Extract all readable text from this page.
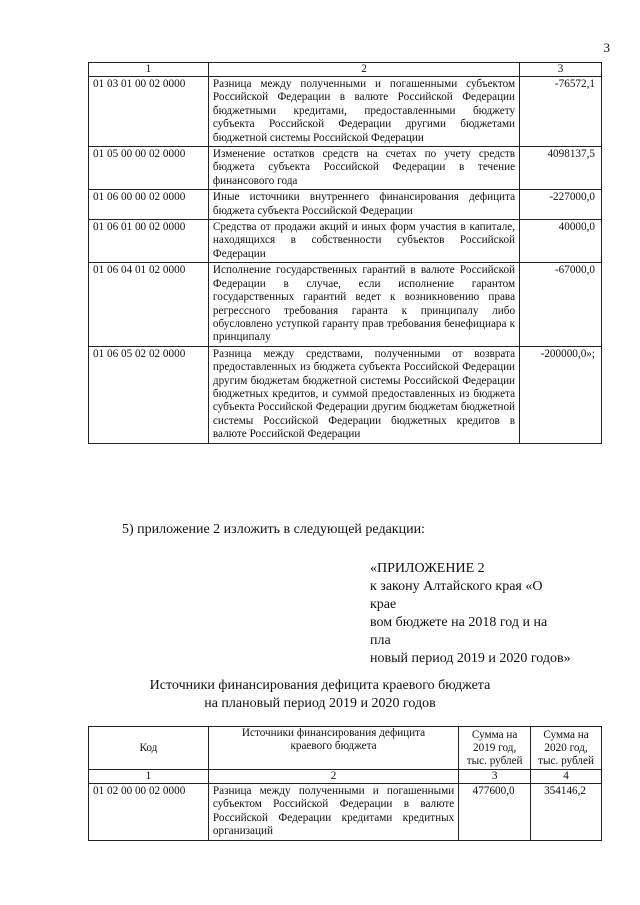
3
1	2	3
01 03 01 00 02 0000	Разница между полученными и погашенными субъектом Российской Федерации в валюте Российской Федерации бюджетными кредитами, предоставленными бюджету субъекта Российской Федерации другими бюджетами бюджетной системы Российской Федерации	-76572,1
01 05 00 00 02 0000	Изменение остатков средств на счетах по учету средств бюджета субъекта Российской Федерации в течение финансового года	4098137,5
01 06 00 00 02 0000	Иные источники внутреннего финансирования дефицита бюджета субъекта Российской Федерации	-227000,0
01 06 01 00 02 0000	Средства от продажи акций и иных форм участия в капитале, находящихся в собственности субъектов Российской Федерации	40000,0
01 06 04 01 02 0000	Исполнение государственных гарантий в валюте Российской Федерации в случае, если исполнение гарантом государственных гарантий ведет к возникновению права регрессного требования гаранта к принципалу либо обусловлено уступкой гаранту прав требования бенефициара к принципалу	-67000,0
01 06 05 02 02 0000	Разница между средствами, полученными от возврата предоставленных из бюджета субъекта Российской Федерации другим бюджетам бюджетной системы Российской Федерации бюджетных кредитов, и суммой предоставленных из бюджета субъекта Российской Федерации другим бюджетам бюджетной системы Российской Федерации бюджетных кредитов в валюте Российской Федерации	-200000,0»;
5) приложение 2 изложить в следующей редакции:
«ПРИЛОЖЕНИЕ 2
к закону Алтайского края «О крае
вом бюджете на 2018 год и на пла
новый период 2019 и 2020 годов»
Источники финансирования дефицита краевого бюджета
на плановый период 2019 и 2020 годов
Код	Источники финансирования дефицита краевого бюджета	Сумма на 2019 год, тыс. рублей	Сумма на 2020 год, тыс. рублей
1	2	3	4
01 02 00 00 02 0000	Разница между полученными и погашенными субъектом Российской Федерации в валюте Российской Федерации кредитами кредитных организаций	477600,0	354146,2
